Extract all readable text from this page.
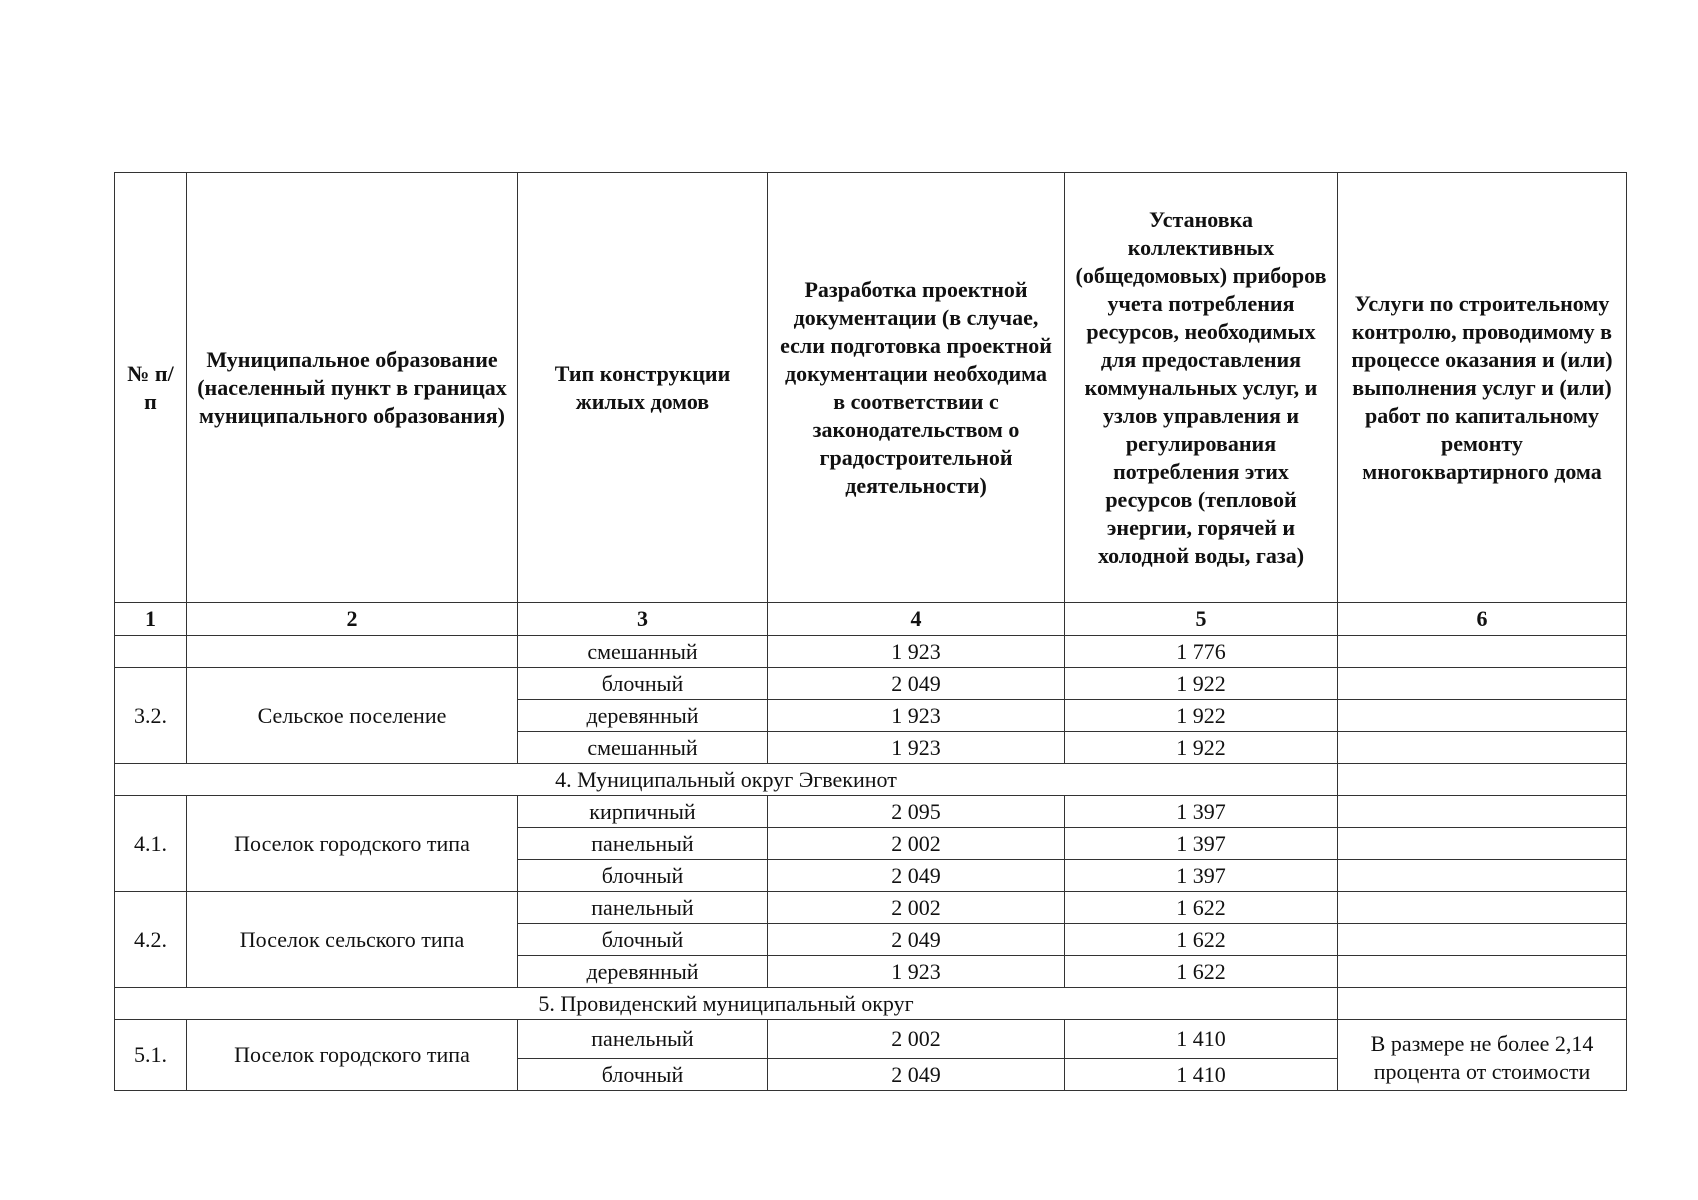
№ п/п	Муниципальное образование (населенный пункт в границах муниципального образования)	Тип конструкции жилых домов	Разработка проектной документации (в случае, если подготовка проектной документации необходима в соответствии с законодательством о градостроительной деятельности)	Установка коллективных (общедомовых) приборов учета потребления ресурсов, необходимых для предоставления коммунальных услуг, и узлов управления и регулирования потребления этих ресурсов (тепловой энергии, горячей и холодной воды, газа)	Услуги по строительному контролю, проводимому в процессе оказания и (или) выполнения услуг и (или) работ по капитальному ремонту многоквартирного дома
1	2	3	4	5	6
		смешанный	1 923	1 776	
3.2.	Сельское поселение	блочный	2 049	1 922	
		деревянный	1 923	1 922	
		смешанный	1 923	1 922	
4. Муниципальный округ Эгвекинот					
4.1.	Поселок городского типа	кирпичный	2 095	1 397	
		панельный	2 002	1 397	
		блочный	2 049	1 397	
4.2.	Поселок сельского типа	панельный	2 002	1 622	
		блочный	2 049	1 622	
		деревянный	1 923	1 622	
5. Провиденский муниципальный округ					
5.1.	Поселок городского типа	панельный	2 002	1 410	В размере не более 2,14 процента от стоимости
		блочный	2 049	1 410	
